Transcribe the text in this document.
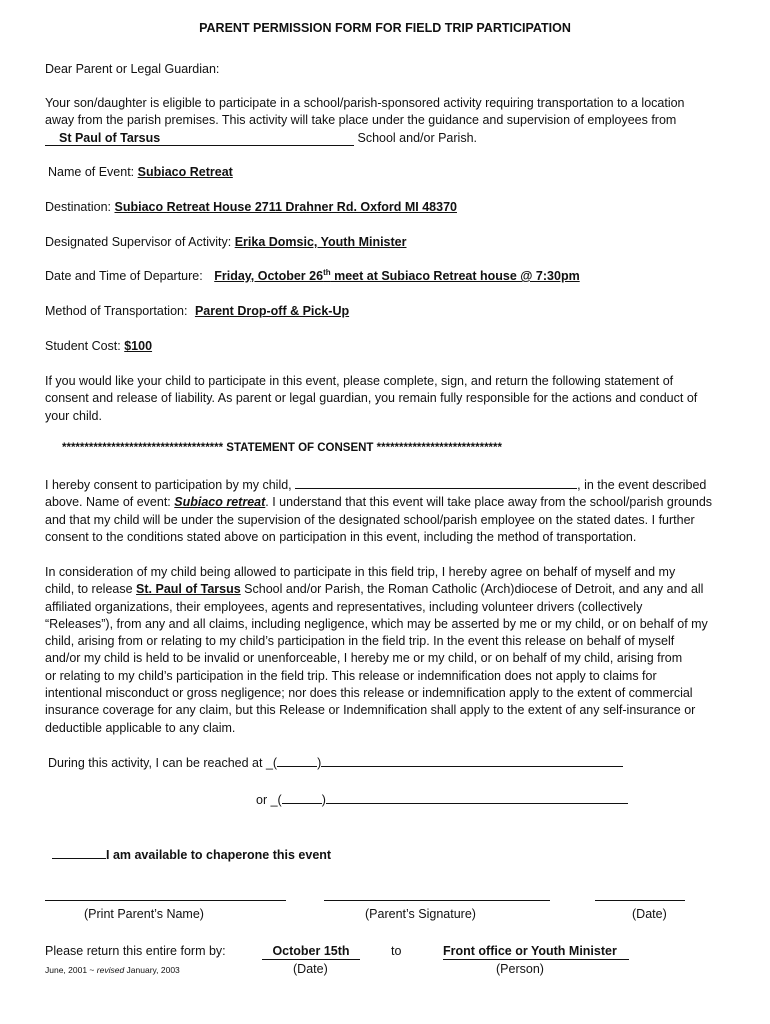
PARENT PERMISSION FORM FOR FIELD TRIP PARTICIPATION
Dear Parent or Legal Guardian:
Your son/daughter is eligible to participate in a school/parish-sponsored activity requiring transportation to a location
away from the parish premises. This activity will take place under the guidance and supervision of employees from
St Paul of Tarsus	School and/or Parish.
Name of Event: Subiaco Retreat
Destination: Subiaco Retreat House 2711 Drahner Rd. Oxford MI 48370
Designated Supervisor of Activity: Erika Domsic, Youth Minister
Date and Time of Departure: Friday, October 26th meet at Subiaco Retreat house @ 7:30pm
Method of Transportation: Parent Drop-off & Pick-Up
Student Cost: $100
If you would like your child to participate in this event, please complete, sign, and return the following statement of
consent and release of liability. As parent or legal guardian, you remain fully responsible for the actions and conduct of
your child.
************************************ STATEMENT OF CONSENT ****************************
I hereby consent to participation by my child,	, in the event described
above. Name of event: Subiaco retreat. I understand that this event will take place away from the school/parish grounds
and that my child will be under the supervision of the designated school/parish employee on the stated dates. I further
consent to the conditions stated above on participation in this event, including the method of transportation.
In consideration of my child being allowed to participate in this field trip, I hereby agree on behalf of myself and my
child, to release St. Paul of Tarsus School and/or Parish, the Roman Catholic (Arch)diocese of Detroit, and any and all
affiliated organizations, their employees, agents and representatives, including volunteer drivers (collectively
“Releases”), from any and all claims, including negligence, which may be asserted by me or my child, or on behalf of my
child, arising from or relating to my child’s participation in the field trip. In the event this release on behalf of myself
and/or my child is held to be invalid or unenforceable, I hereby me or my child, or on behalf of my child, arising from
or relating to my child’s participation in the field trip. This release or indemnification does not apply to claims for
intentional misconduct or gross negligence; nor does this release or indemnification apply to the extent of commercial
insurance coverage for any claim, but this Release or Indemnification shall apply to the extent of any self-insurance or
deductible applicable to any claim.
During this activity, I can be reached at _(	)
or _(	)
I am available to chaperone this event
(Print Parent’s Name)	(Parent’s Signature)	(Date)
Please return this entire form by:	October 15th	to	Front office or Youth Minister
June, 2001 ~ revised January, 2003	(Date)	(Person)
